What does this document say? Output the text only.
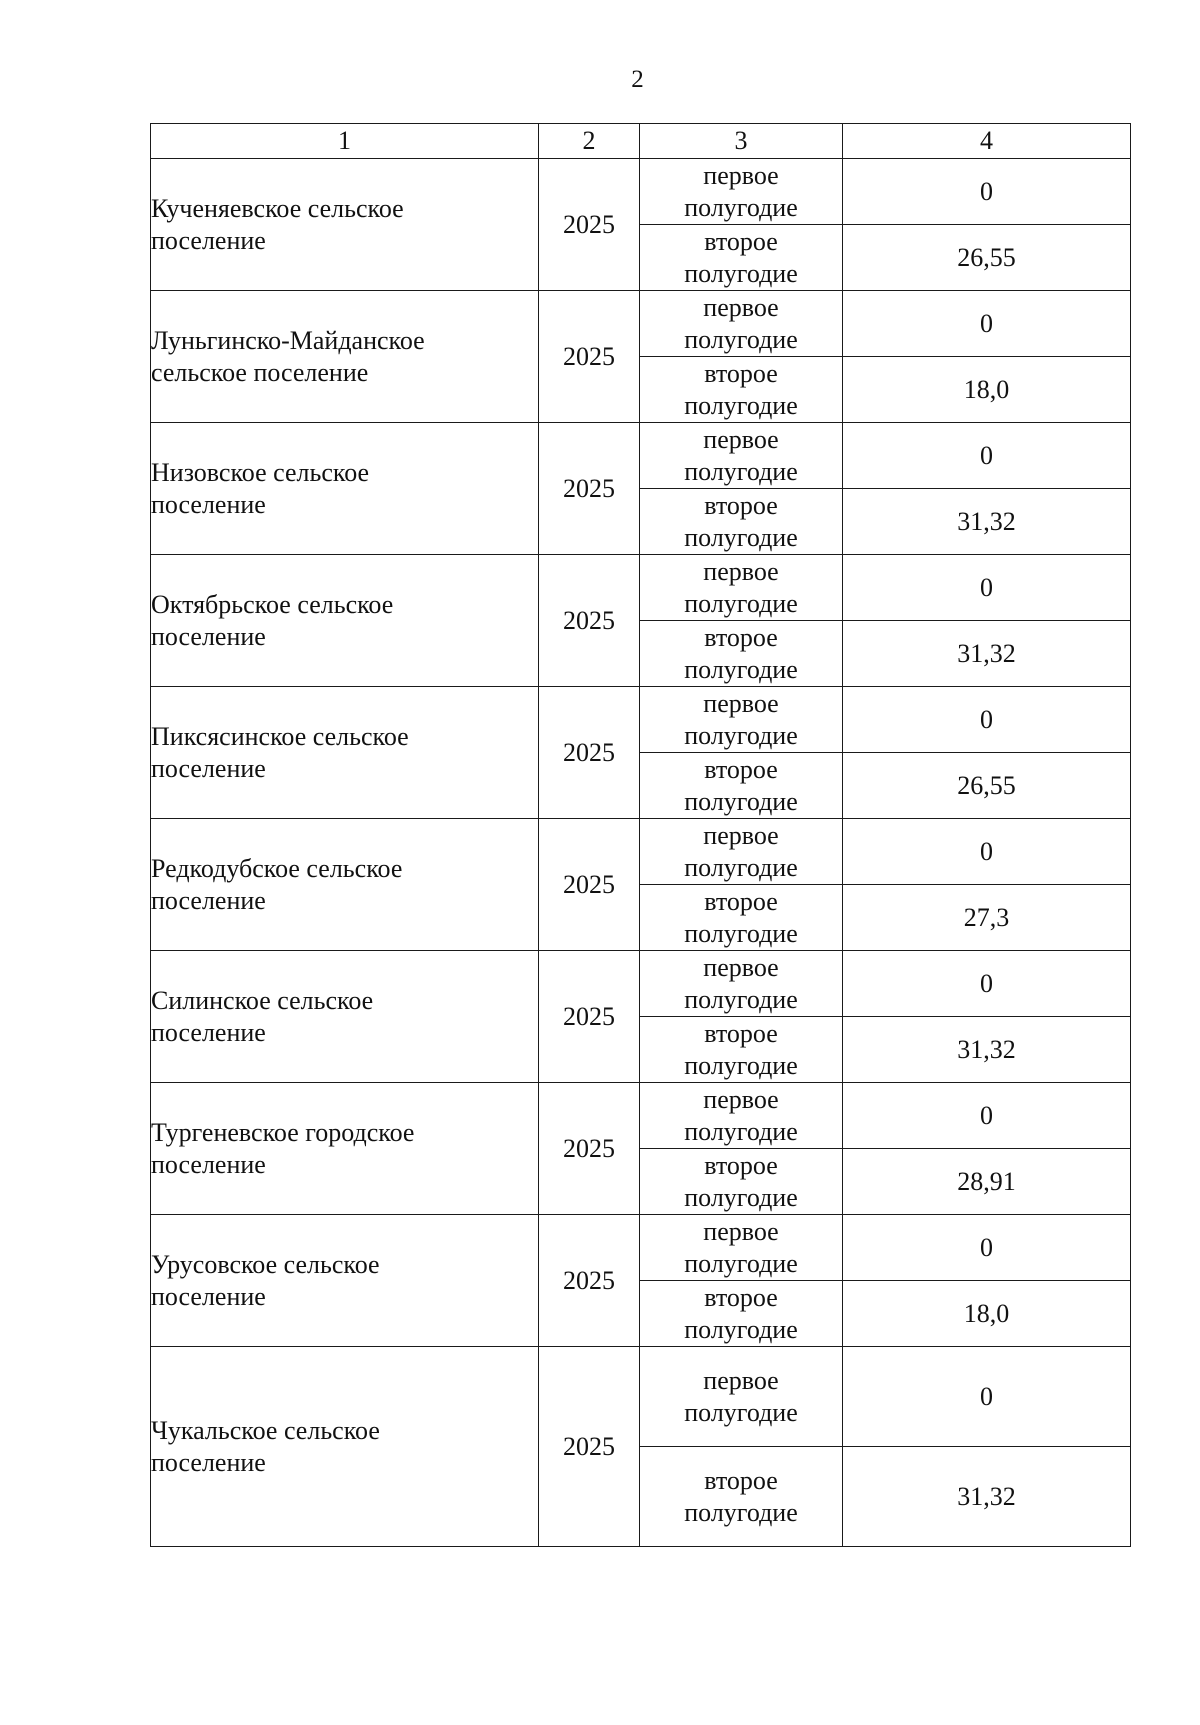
2
1	2	3	4

Кученяевское сельское
поселение	2025	первое
полугодие	0

		второе
полугодие	26,55

Луньгинско-Майданское
сельское поселение	2025	первое
полугодие	0

		второе
полугодие	18,0

Низовское сельское
поселение	2025	первое
полугодие	0

		второе
полугодие	31,32

Октябрьское сельское
поселение	2025	первое
полугодие	0

		второе
полугодие	31,32

Пиксясинское сельское
поселение	2025	первое
полугодие	0

		второе
полугодие	26,55

Редкодубское сельское
поселение	2025	первое
полугодие	0

		второе
полугодие	27,3

Силинское сельское
поселение	2025	первое
полугодие	0

		второе
полугодие	31,32

Тургеневское городское
поселение	2025	первое
полугодие	0

		второе
полугодие	28,91

Урусовское сельское
поселение	2025	первое
полугодие	0

		второе
полугодие	18,0

Чукальское сельское
поселение	2025	первое
полугодие	0

		второе
полугодие	31,32
